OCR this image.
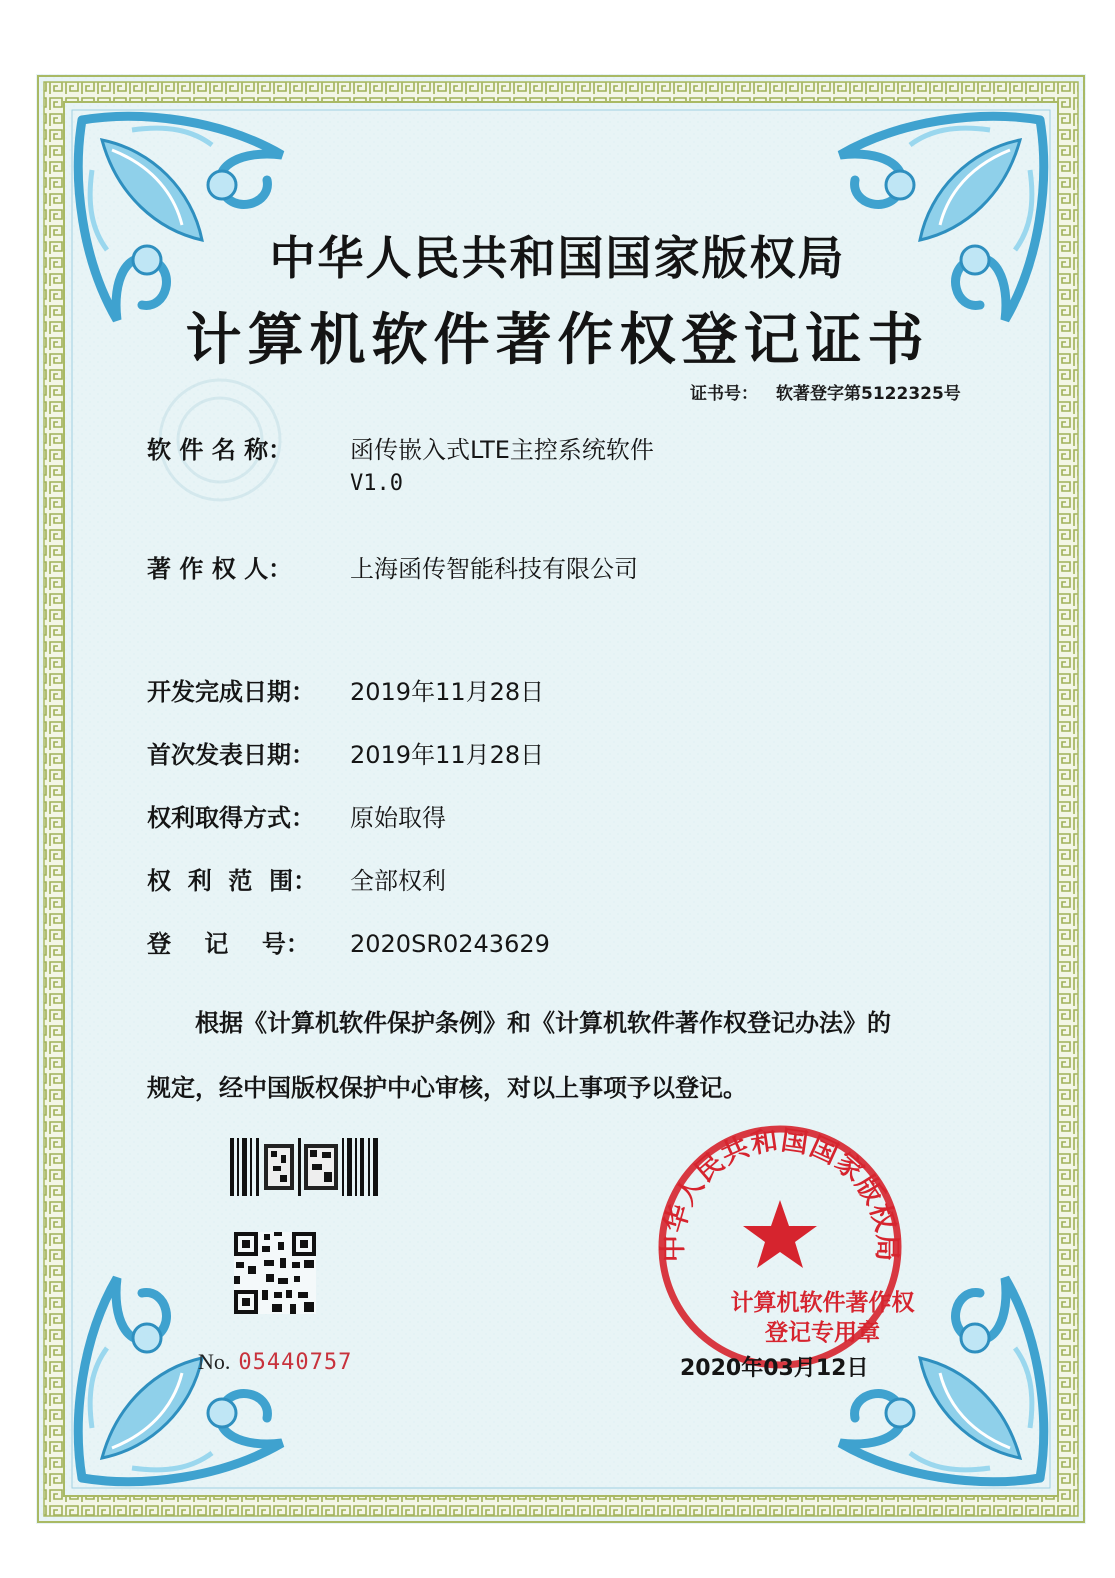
中华人民共和国国家版权局
计算机软件著作权登记证书
证书号： 软著登字第5122325号
软 件 名 称：	函传嵌入式LTE主控系统软件
V1.0
著 作 权 人：	上海函传智能科技有限公司
开发完成日期：	2019年11月28日
首次发表日期：	2019年11月28日
权利取得方式：	原始取得
权  利  范  围：	全部权利
登    记    号：	2020SR0243629
根据《计算机软件保护条例》和《计算机软件著作权登记办法》的
规定，经中国版权保护中心审核，对以上事项予以登记。
No. 05440757
中华人民共和国国家版权局
计算机软件著作权
登记专用章
2020年03月12日
